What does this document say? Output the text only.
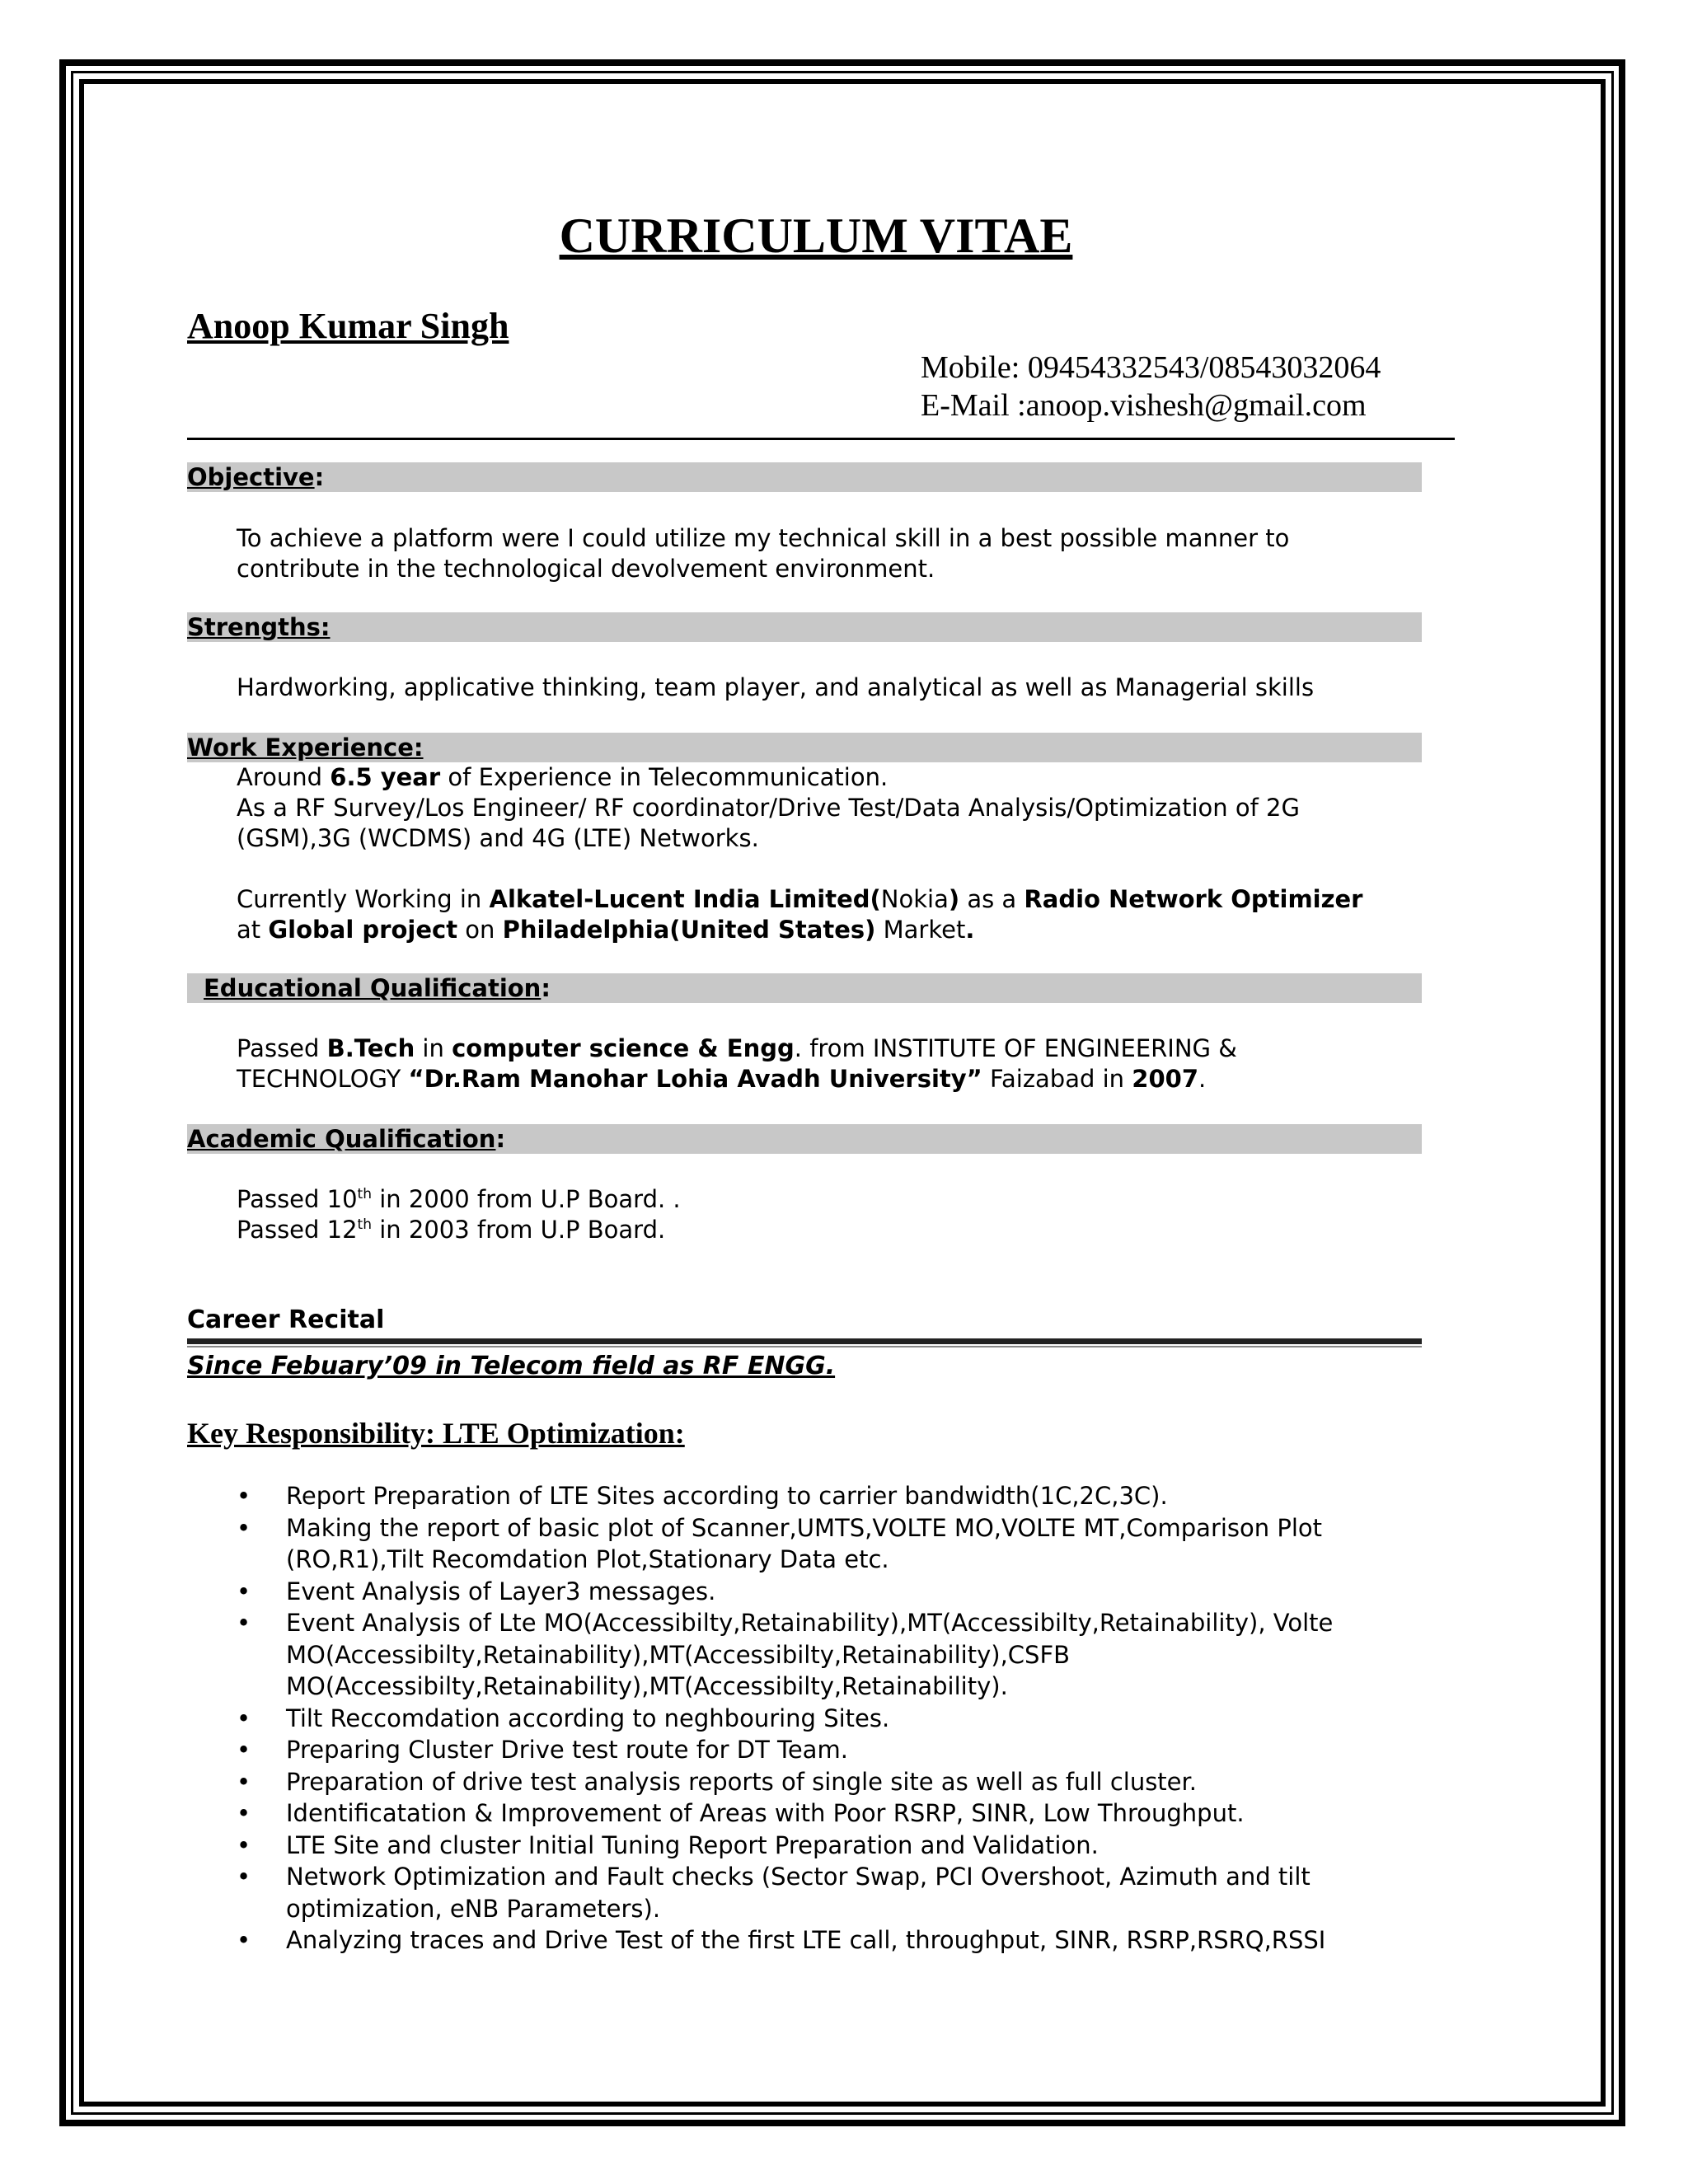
CURRICULUM VITAE
Anoop Kumar Singh
Mobile: 09454332543/08543032064
E-Mail :anoop.vishesh@gmail.com
Objective:
To achieve a platform were I could utilize my technical skill in a best possible manner to
contribute in the technological devolvement environment.
Strengths:
Hardworking, applicative thinking, team player, and analytical as well as Managerial skills
Work Experience:
Around 6.5 year of Experience in Telecommunication.
As a RF Survey/Los Engineer/ RF coordinator/Drive Test/Data Analysis/Optimization of 2G
(GSM),3G (WCDMS) and 4G (LTE) Networks.
Currently Working in Alkatel-Lucent India Limited(Nokia) as a Radio Network Optimizer
at Global project on Philadelphia(United States) Market.
Educational Qualification:
Passed B.Tech in computer science & Engg. from INSTITUTE OF ENGINEERING &
TECHNOLOGY “Dr.Ram Manohar Lohia Avadh University” Faizabad in 2007.
Academic Qualification:
Passed 10th in 2000 from U.P Board. .
Passed 12th in 2003 from U.P Board.
Career Recital
Since Febuary’09 in Telecom field as RF ENGG.
Key Responsibility: LTE Optimization:
• Report Preparation of LTE Sites according to carrier bandwidth(1C,2C,3C).
• Making the report of basic plot of Scanner,UMTS,VOLTE MO,VOLTE MT,Comparison Plot (RO,R1),Tilt Recomdation Plot,Stationary Data etc.
• Event Analysis of Layer3 messages.
• Event Analysis of Lte MO(Accessibilty,Retainability),MT(Accessibilty,Retainability), Volte MO(Accessibilty,Retainability),MT(Accessibilty,Retainability),CSFB MO(Accessibilty,Retainability),MT(Accessibilty,Retainability).
• Tilt Reccomdation according to neghbouring Sites.
• Preparing Cluster Drive test route for DT Team.
• Preparation of drive test analysis reports of single site as well as full cluster.
• Identificatation & Improvement of Areas with Poor RSRP, SINR, Low Throughput.
• LTE Site and cluster Initial Tuning Report Preparation and Validation.
• Network Optimization and Fault checks (Sector Swap, PCI Overshoot, Azimuth and tilt optimization, eNB Parameters).
• Analyzing traces and Drive Test of the first LTE call, throughput, SINR, RSRP,RSRQ,RSSI
